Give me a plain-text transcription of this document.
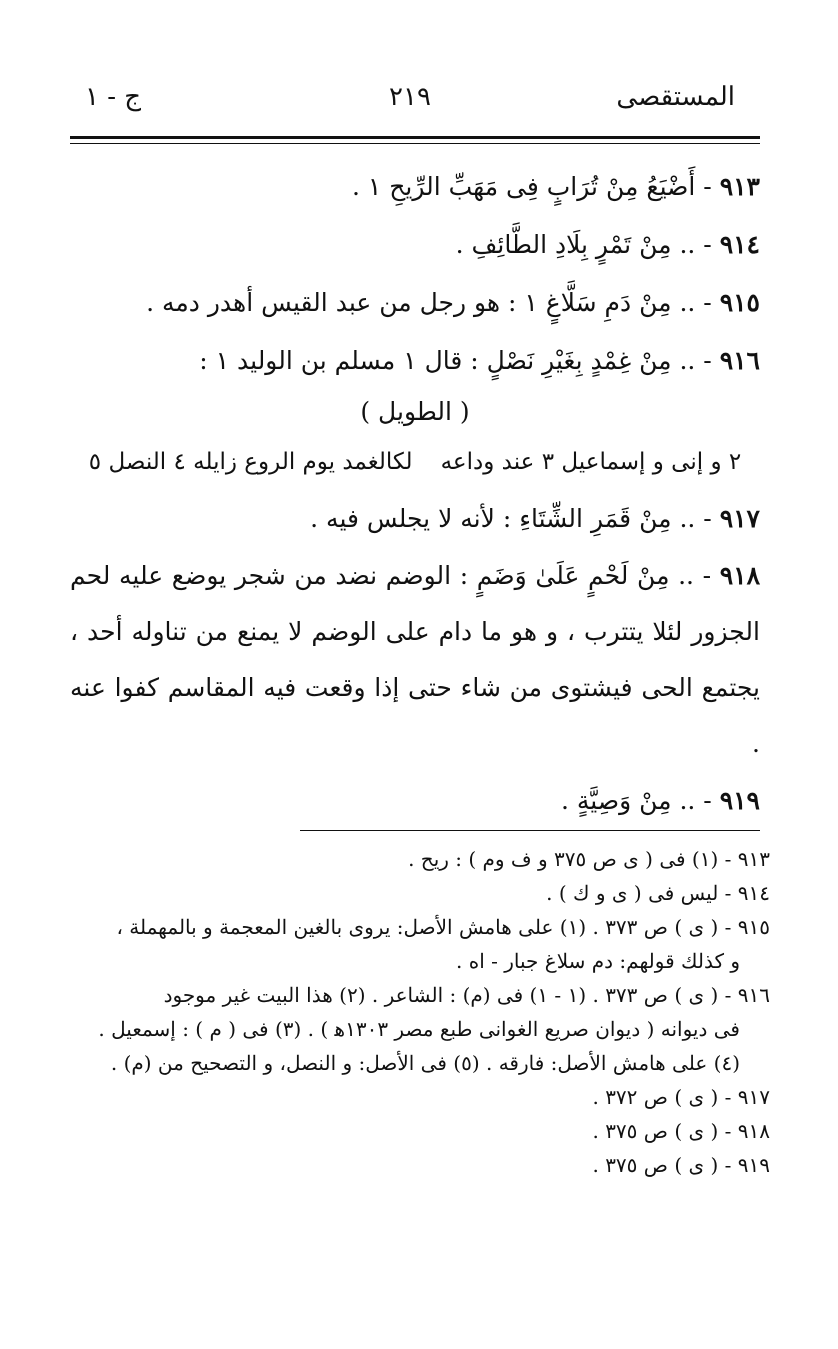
المستقصى
٢١٩
ج - ١

٩١٣ - أَضْيَعُ مِنْ تُرَابٍ فِى مَهَبِّ الرِّيحِ ١ .

٩١٤ - .. مِنْ تَمْرٍ بِلَادِ الطَّائِفِ .

٩١٥ - .. مِنْ دَمِ سَلَّاغٍ ١ : هو رجل من عبد القيس أهدر دمه .

٩١٦ - .. مِنْ غِمْدٍ بِغَيْرِ نَصْلٍ : قال ١ مسلم بن الوليد ١ :

( الطويل )

٢ و إنى و إسماعيل ٣ عند وداعهلكالغمد يوم الروع زايله ٤ النصل ٥

٩١٧ - .. مِنْ قَمَرِ الشِّتَاءِ : لأنه لا يجلس فيه .

٩١٨ - .. مِنْ لَحْمٍ عَلَىٰ وَضَمٍ : الوضم نضد من شجر يوضع عليه لحم الجزور لئلا يتترب ، و هو ما دام على الوضم لا يمنع من تناوله أحد ، يجتمع الحى فيشتوى من شاء حتى إذا وقعت فيه المقاسم كفوا عنه .

٩١٩ - .. مِنْ وَصِيَّةٍ .

٩١٣ - (١) فى ( ى ص ٣٧٥ و ف وم ) : ريح .

٩١٤ - ليس فى ( ى و ك ) .

٩١٥ - ( ى ) ص ٣٧٣ . (١) على هامش الأصل: يروى بالغين المعجمة و بالمهملة ،

و كذلك قولهم: دم سلاغ جبار - اه .

٩١٦ - ( ى ) ص ٣٧٣ . (١ - ١) فى (م) : الشاعر . (٢) هذا البيت غير موجود

فى ديوانه ( ديوان صريع الغوانى طبع مصر ١٣٠٣ﻫ ) . (٣) فى ( م ) : إسمعيل .

(٤) على هامش الأصل: فارقه . (٥) فى الأصل: و النصل، و التصحيح من (م) .

٩١٧ - ( ى ) ص ٣٧٢ .

٩١٨ - ( ى ) ص ٣٧٥ .

٩١٩ - ( ى ) ص ٣٧٥ .
